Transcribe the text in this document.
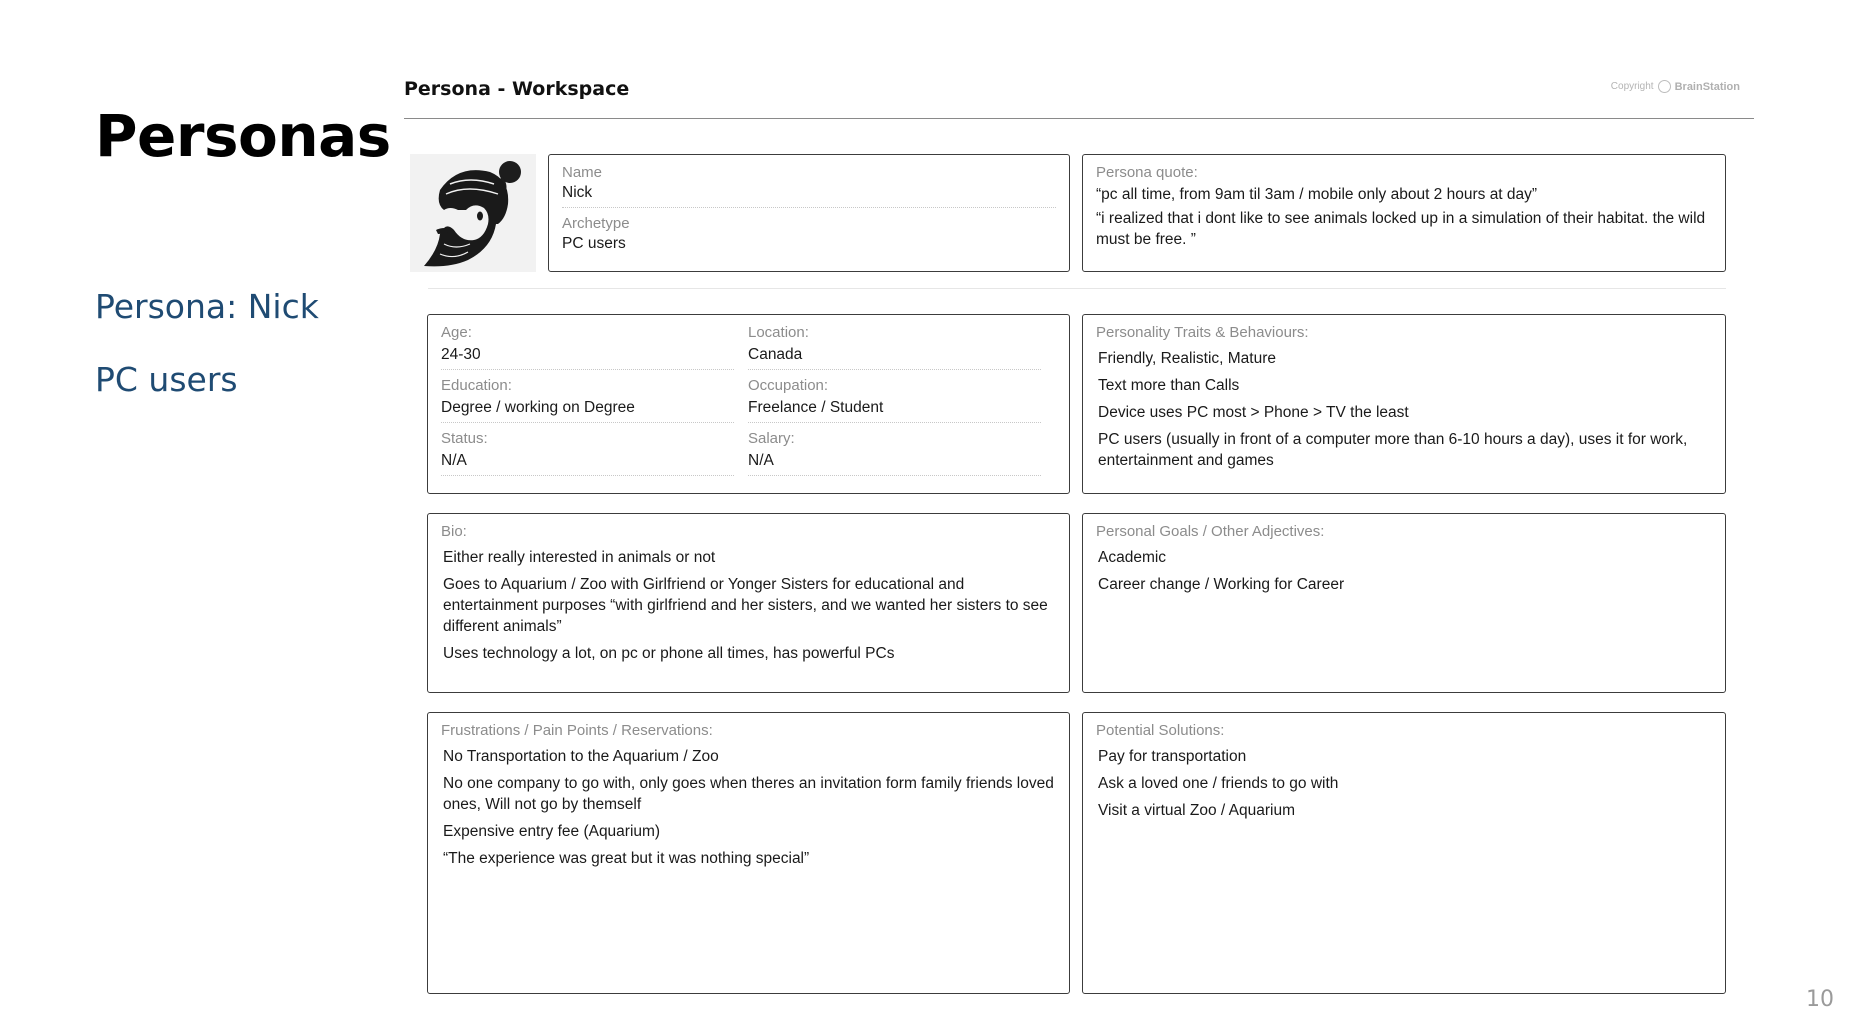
Personas
Persona: Nick
PC users
Persona - Workspace	Copyright BrainStation
Name
Nick
Archetype
PC users
Persona quote:
“pc all time, from 9am til 3am / mobile only about 2 hours at day”
“i realized that i dont like to see animals locked up in a simulation of their habitat. the wild must be free. ”
Age:
24-30
Location:
Canada
Education:
Degree / working on Degree
Occupation:
Freelance / Student
Status:
N/A
Salary:
N/A
Personality Traits & Behaviours:
Friendly, Realistic, Mature
Text more than Calls
Device uses PC most > Phone > TV the least
PC users (usually in front of a computer more than 6-10 hours a day), uses it for work, entertainment and games
Bio:
Either really interested in animals or not
Goes to Aquarium / Zoo with Girlfriend or Yonger Sisters for educational and entertainment purposes “with girlfriend and her sisters, and we wanted her sisters to see different animals”
Uses technology a lot, on pc or phone all times, has powerful PCs
Personal Goals / Other Adjectives:
Academic
Career change / Working for Career
Frustrations / Pain Points / Reservations:
No Transportation to the Aquarium / Zoo
No one company to go with, only goes when theres an invitation form family friends loved ones, Will not go by themself
Expensive entry fee (Aquarium)
“The experience was great but it was nothing special”
Potential Solutions:
Pay for transportation
Ask a loved one / friends to go with
Visit a virtual Zoo / Aquarium
10
